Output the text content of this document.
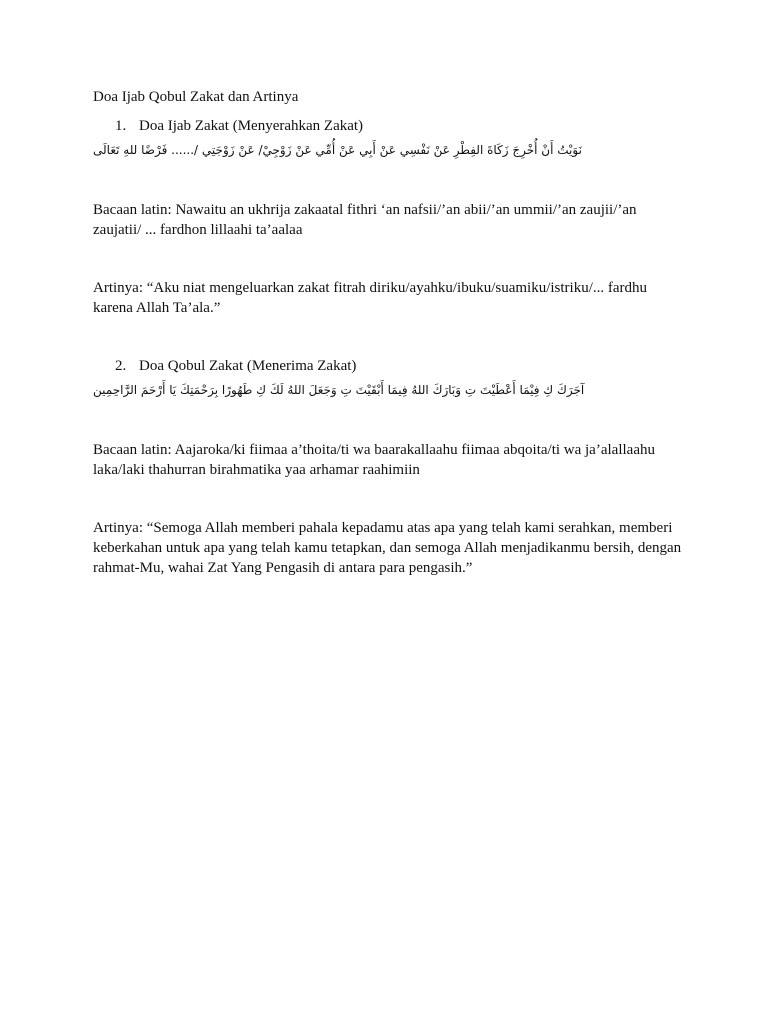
Doa Ijab Qobul Zakat dan Artinya
1. Doa Ijab Zakat (Menyerahkan Zakat)
نَوَيْتُ أَنْ أُخْرِجَ زَكَاةَ الفِطْرِ عَنْ نَفْسِي عَنْ أَبِي عَنْ أُمِّي عَنْ زَوْجِيْ/ عَنْ زَوْجَتِي /...... فَرْضًا للهِ تَعَالَى

Bacaan latin: Nawaitu an ukhrija zakaatal fithri ‘an nafsii/’an abii/’an ummii/’an zaujii/’an zaujatii/ ... fardhon lillaahi ta’aalaa

Artinya: “Aku niat mengeluarkan zakat fitrah diriku/ayahku/ibuku/suamiku/istriku/... fardhu karena Allah Ta’ala.”

2. Doa Qobul Zakat (Menerima Zakat)
آجَرَكَ كِ فِيْمَا أَعْطَيْتَ تِ وَبَارَكَ اللهُ فِيمَا أَبْقَيْتَ تِ وَجَعَلَ اللهُ لَكَ كِ طَهُورًا بِرَحْمَتِكَ يَا أَرْحَمَ الرَّاحِمِين

Bacaan latin: Aajaroka/ki fiimaa a’thoita/ti wa baarakallaahu fiimaa abqoita/ti wa ja’alallaahu laka/laki thahurran birahmatika yaa arhamar raahimiin

Artinya: “Semoga Allah memberi pahala kepadamu atas apa yang telah kami serahkan, memberi keberkahan untuk apa yang telah kamu tetapkan, dan semoga Allah menjadikanmu bersih, dengan rahmat-Mu, wahai Zat Yang Pengasih di antara para pengasih.”
